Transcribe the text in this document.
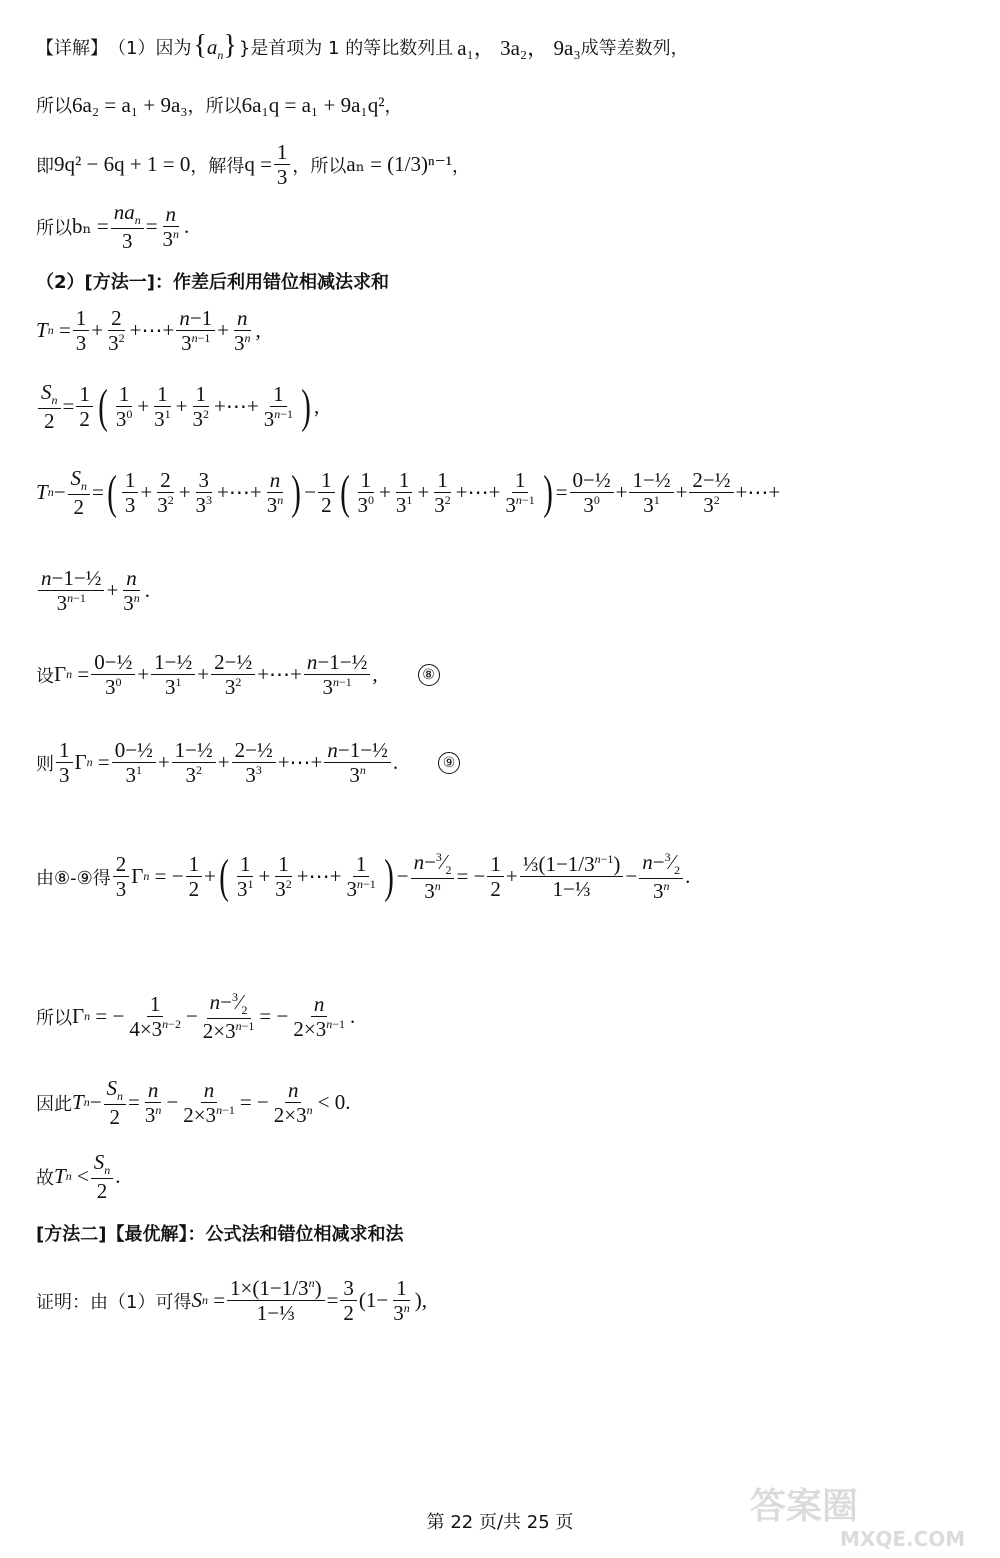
【详解】 （1）因为 $\{a_n\}$ }是首项为 1 的等比数列且 a₁， 3a₂， 9a₃ 成等差数列，
所以 6a₂ = a₁ + 9a₃ ，所以 6a₁q = a₁ + 9a₁q² ，
即 9q² − 6q + 1 = 0 ，解得 $q = \frac{1}{3}$ ，所以 aₙ = (1/3)ⁿ⁻¹ ，
所以 $b_n = \frac{na_n}{3} = \frac{n}{3^n}$ .
（2）[方法一]：作差后利用错位相减法求和
T $n = \frac{1}{3} + \frac{2}{3^2}$ +⋯+ $\frac{n-1}{3^{n-1}} + \frac{n}{3^n}$ ,
$\frac{S_n}{2} = \frac{1}{2}$ ( $\frac{1}{3^0} + \frac{1}{3^1} + \frac{1}{3^2}$ +⋯+ $\frac{1}{3^{n-1}}$ ) ,
T $n - \frac{S_n}{2}$ = ( $\frac{1}{3} + \frac{2}{3^2} + \frac{3}{3^3}$ +⋯+ $\frac{n}{3^n}$ ) − $\frac{1}{2}$ ( $\frac{1}{3^0} + \frac{1}{3^1} + \frac{1}{3^2}$ +⋯+ $\frac{1}{3^{n-1}}$ ) = $\frac{\text{0−½}}{3^0} + \frac{\text{1−½}}{3^1} + \frac{\text{2−½}}{3^2}$ +⋯+
$\frac{\text{n−1−½}}{3^{n-1}} + \frac{n}{3^n}$ .
设 Γ $n = \frac{\text{0−½}}{3^0} + \frac{\text{1−½}}{3^1} + \frac{\text{2−½}}{3^2}$ +⋯+ $\frac{\text{n−1−½}}{3^{n-1}}$ ,	⑧
则 $\frac{1}{3}$ Γ $n = \frac{\text{0−½}}{3^1} + \frac{\text{1−½}}{3^2} + \frac{\text{2−½}}{3^3}$ +⋯+ $\frac{\text{n−1−½}}{3^n}$ .	⑨
由⑧-⑨得 $\frac{2}{3}$ Γ n = − $\frac{1}{2}$ + ( $\frac{1}{3^1} + \frac{1}{3^2}$ +⋯+ $\frac{1}{3^{n-1}}$ ) − $\frac{n-^3⁄_2}{3^n}$ = − $\frac{1}{2} + \frac{\frac{1}{3}(1-1/3^{n-1})}{\text{1−⅓}} - \frac{n-^3⁄_2}{3^n}$ .
所以 Γ n = − $\frac{1}{4\times 3^{n-2}} - \frac{n-^3⁄_2}{2\times 3^{n-1}}$ = − $\frac{n}{2\times 3^{n-1}}$ .
因此 T $n - \frac{S_n}{2} = \frac{n}{3^n} - \frac{n}{2\times 3^{n-1}}$ = − $\frac{n}{2\times 3^n} < 0$.
故 T $n < \frac{S_n}{2}$ .
[方法二]【最优解】：公式法和错位相减求和法
证明：由（1）可得 S $n = \frac{1\times(1-1/3^n)}{\text{1−⅓}} = \frac{3}{2} (1- \frac{1}{3^n}$ ),
第 22 页/共 25 页	答案圈
MXQE.COM
